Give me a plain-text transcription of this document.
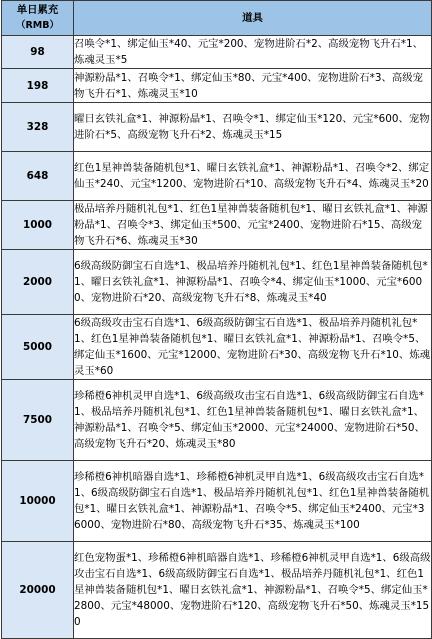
单日累充
（RMB）	道具
98	召唤令*1、绑定仙玉*40、元宝*200、宠物进阶石*2、高级宠物飞升石*1、炼魂灵玉*5
198	神源粉晶*1、召唤令*1、绑定仙玉*80、元宝*400、宠物进阶石*3、高级宠物飞升石*1、炼魂灵玉*10
328	曜日玄铁礼盒*1、神源粉晶*1、召唤令*1、绑定仙玉*120、元宝*600、宠物进阶石*5、高级宠物飞升石*2、炼魂灵玉*15
648	红色1星神兽装备随机包*1、曜日玄铁礼盒*1、神源粉晶*1、召唤令*2、绑定仙玉*240、元宝*1200、宠物进阶石*10、高级宠物飞升石*4、炼魂灵玉*20
1000	极品培养丹随机礼包*1、红色1星神兽装备随机包*1、曜日玄铁礼盒*1、神源粉晶*1、召唤令*3、绑定仙玉*500、元宝*2400、宠物进阶石*15、高级宠物飞升石*6、炼魂灵玉*30
2000	6级高级防御宝石自选*1、极品培养丹随机礼包*1、红色1星神兽装备随机包*1、曜日玄铁礼盒*1、神源粉晶*1、召唤令*4、绑定仙玉*1000、元宝*6000、宠物进阶石*20、高级宠物飞升石*8、炼魂灵玉*40
5000	6级高级攻击宝石自选*1、6级高级防御宝石自选*1、极品培养丹随机礼包*1、红色1星神兽装备随机包*1、曜日玄铁礼盒*1、神源粉晶*1、召唤令*5、绑定仙玉*1600、元宝*12000、宠物进阶石*30、高级宠物飞升石*10、炼魂灵玉*60
7500	珍稀橙6神机灵甲自选*1、6级高级攻击宝石自选*1、6级高级防御宝石自选*1、极品培养丹随机礼包*1、红色1星神兽装备随机包*1、曜日玄铁礼盒*1、神源粉晶*1、召唤令*5、绑定仙玉*2000、元宝*24000、宠物进阶石*50、高级宠物飞升石*20、炼魂灵玉*80
10000	珍稀橙6神机暗器自选*1、珍稀橙6神机灵甲自选*1、6级高级攻击宝石自选*1、6级高级防御宝石自选*1、极品培养丹随机礼包*1、红色1星神兽装备随机包*1、曜日玄铁礼盒*1、神源粉晶*1、召唤令*5、绑定仙玉*2400、元宝*36000、宠物进阶石*80、高级宠物飞升石*35、炼魂灵玉*100
20000	红色宠物蛋*1、珍稀橙6神机暗器自选*1、珍稀橙6神机灵甲自选*1、6级高级攻击宝石自选*1、6级高级防御宝石自选*1、极品培养丹随机礼包*1、红色1星神兽装备随机包*1、曜日玄铁礼盒*1、神源粉晶*1、召唤令*5、绑定仙玉*2800、元宝*48000、宠物进阶石*120、高级宠物飞升石*50、炼魂灵玉*150
